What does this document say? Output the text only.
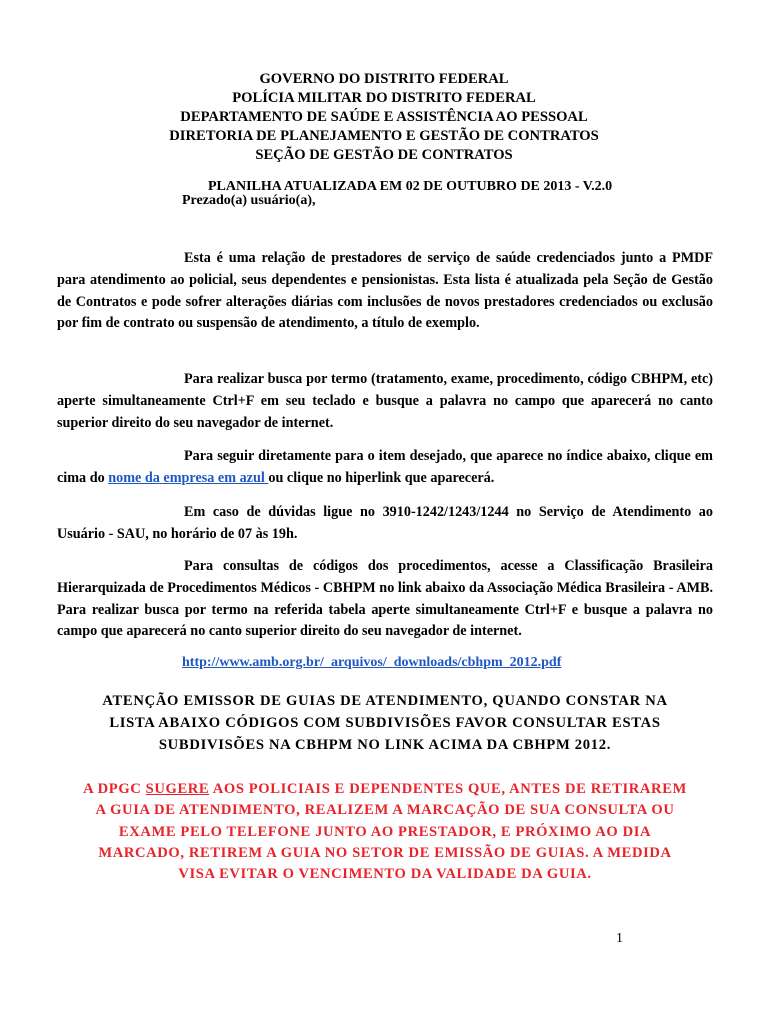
GOVERNO DO DISTRITO FEDERAL
POLÍCIA MILITAR DO DISTRITO FEDERAL
DEPARTAMENTO DE SAÚDE E ASSISTÊNCIA AO PESSOAL
DIRETORIA DE PLANEJAMENTO E GESTÃO DE CONTRATOS
SEÇÃO DE GESTÃO DE CONTRATOS
PLANILHA ATUALIZADA EM 02 DE OUTUBRO DE 2013 - V.2.0
Prezado(a) usuário(a),
Esta é uma relação de prestadores de serviço de saúde credenciados junto a PMDF para atendimento ao policial, seus dependentes e pensionistas. Esta lista é atualizada pela Seção de Gestão de Contratos e pode sofrer alterações diárias com inclusões de novos prestadores credenciados ou exclusão por fim de contrato ou suspensão de atendimento, a título de exemplo.
Para realizar busca por termo (tratamento, exame, procedimento, código CBHPM, etc) aperte simultaneamente Ctrl+F em seu teclado e busque a palavra no campo que aparecerá no canto superior direito do seu navegador de internet.
Para seguir diretamente para o item desejado, que aparece no índice abaixo, clique em cima do nome da empresa em azul ou clique no hiperlink que aparecerá.
Em caso de dúvidas ligue no 3910-1242/1243/1244 no Serviço de Atendimento ao Usuário - SAU, no horário de 07 às 19h.
Para consultas de códigos dos procedimentos, acesse a Classificação Brasileira Hierarquizada de Procedimentos Médicos - CBHPM no link abaixo da Associação Médica Brasileira - AMB. Para realizar busca por termo na referida tabela aperte simultaneamente Ctrl+F e busque a palavra no campo que aparecerá no canto superior direito do seu navegador de internet.
http://www.amb.org.br/_arquivos/_downloads/cbhpm_2012.pdf
ATENÇÃO EMISSOR DE GUIAS DE ATENDIMENTO, QUANDO CONSTAR NA LISTA ABAIXO CÓDIGOS COM SUBDIVISÕES FAVOR CONSULTAR ESTAS SUBDIVISÕES NA CBHPM NO LINK ACIMA DA CBHPM 2012.
A DPGC SUGERE AOS POLICIAIS E DEPENDENTES QUE, ANTES DE RETIRAREM A GUIA DE ATENDIMENTO, REALIZEM A MARCAÇÃO DE SUA CONSULTA OU EXAME PELO TELEFONE JUNTO AO PRESTADOR, E PRÓXIMO AO DIA MARCADO, RETIREM A GUIA NO SETOR DE EMISSÃO DE GUIAS. A MEDIDA VISA EVITAR O VENCIMENTO DA VALIDADE DA GUIA.
1
